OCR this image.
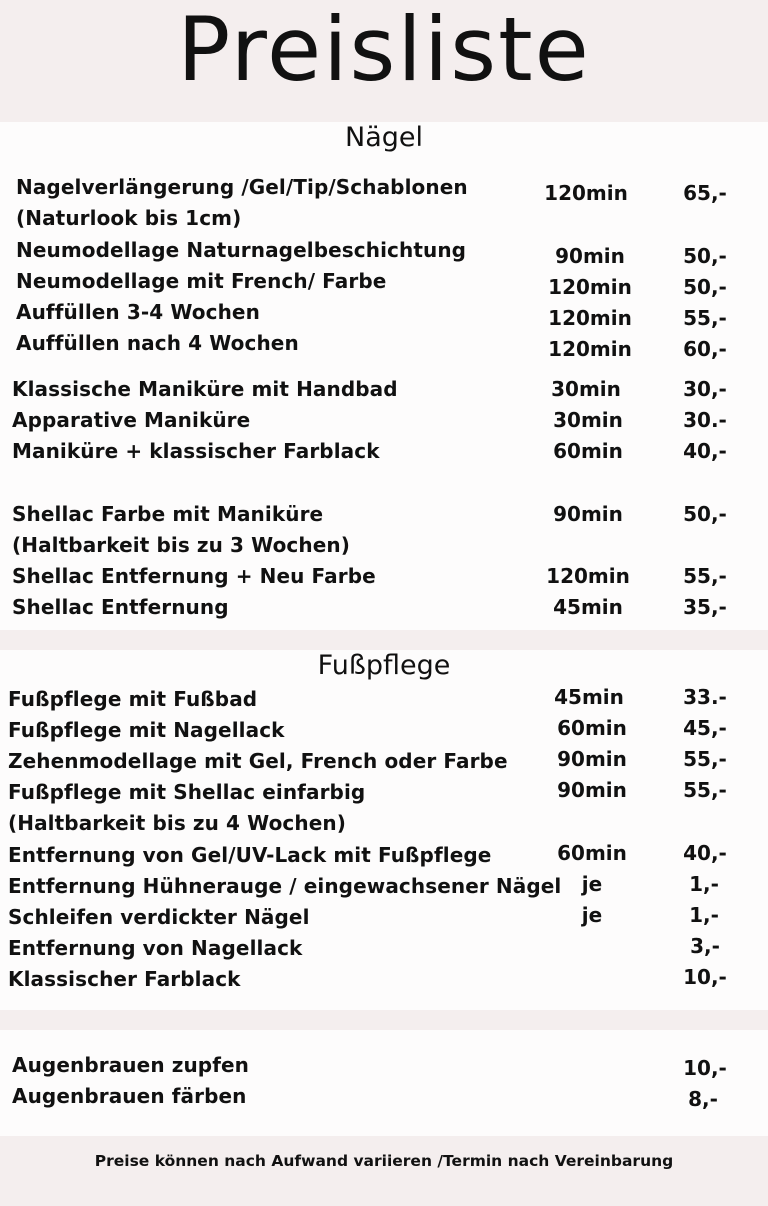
Preisliste
Nägel
Nagelverlängerung /Gel/Tip/Schablonen	120min	65,-
(Naturlook bis 1cm)
Neumodellage Naturnagelbeschichtung	90min	50,-
Neumodellage mit French/ Farbe	120min	50,-
Auffüllen 3-4 Wochen	120min	55,-
Auffüllen nach 4 Wochen	120min	60,-
Klassische Maniküre mit Handbad	30min	30,-
Apparative Maniküre	30min	30.-
Maniküre + klassischer Farblack	60min	40,-
Shellac Farbe mit Maniküre	90min	50,-
(Haltbarkeit bis zu 3 Wochen)
Shellac Entfernung + Neu Farbe	120min	55,-
Shellac Entfernung	45min	35,-
Fußpflege
Fußpflege mit Fußbad	45min	33.-
Fußpflege mit Nagellack	60min	45,-
Zehenmodellage mit Gel, French oder Farbe	90min	55,-
Fußpflege mit Shellac einfarbig	90min	55,-
(Haltbarkeit bis zu 4 Wochen)
Entfernung von Gel/UV-Lack mit Fußpflege	60min	40,-
Entfernung Hühnerauge / eingewachsener Nägel	je	1,-
Schleifen verdickter Nägel	je	1,-
Entfernung von Nagellack	3,-
Klassischer Farblack	10,-
Augenbrauen zupfen	10,-
Augenbrauen färben	8,-
Preise können nach Aufwand variieren /Termin nach Vereinbarung
